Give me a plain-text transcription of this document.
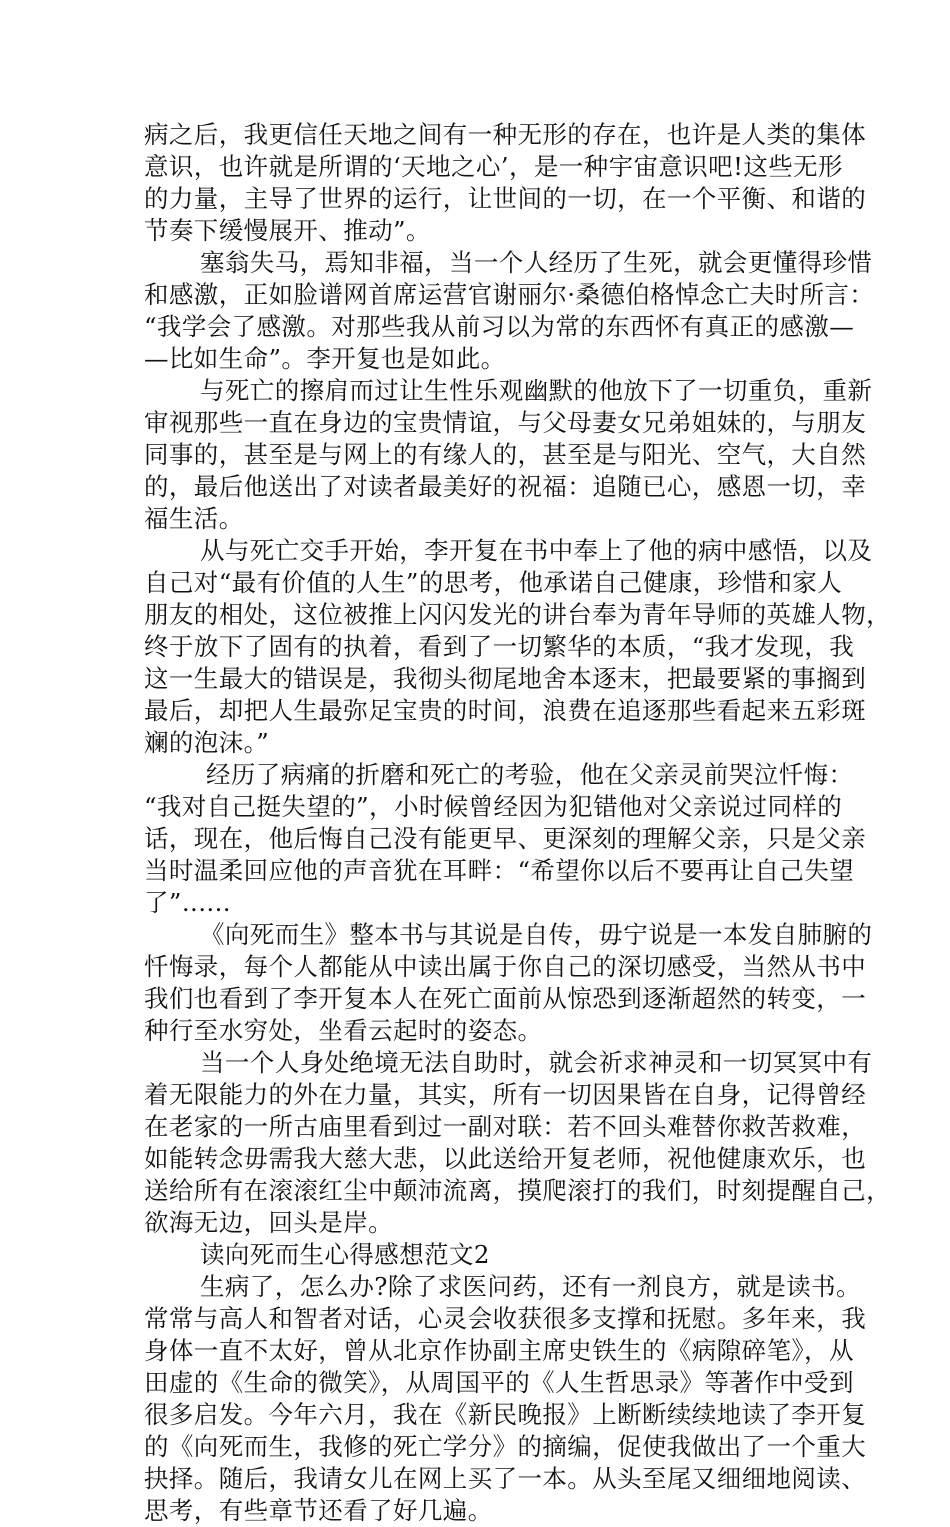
病之后，我更信任天地之间有一种无形的存在，也许是人类的集体
意识，也许就是所谓的‘天地之心’，是一种宇宙意识吧!这些无形
的力量，主导了世界的运行，让世间的一切，在一个平衡、和谐的
节奏下缓慢展开、推动”。
塞翁失马，焉知非福，当一个人经历了生死，就会更懂得珍惜
和感激，正如脸谱网首席运营官谢丽尔·桑德伯格悼念亡夫时所言：
“我学会了感激。对那些我从前习以为常的东西怀有真正的感激—
—比如生命”。李开复也是如此。
与死亡的擦肩而过让生性乐观幽默的他放下了一切重负，重新
审视那些一直在身边的宝贵情谊，与父母妻女兄弟姐妹的，与朋友
同事的，甚至是与网上的有缘人的，甚至是与阳光、空气，大自然
的，最后他送出了对读者最美好的祝福：追随已心，感恩一切，幸
福生活。
从与死亡交手开始，李开复在书中奉上了他的病中感悟，以及
自己对“最有价值的人生”的思考，他承诺自己健康，珍惜和家人
朋友的相处，这位被推上闪闪发光的讲台奉为青年导师的英雄人物，
终于放下了固有的执着，看到了一切繁华的本质，“我才发现，我
这一生最大的错误是，我彻头彻尾地舍本逐末，把最要紧的事搁到
最后，却把人生最弥足宝贵的时间，浪费在追逐那些看起来五彩斑
斓的泡沫。”
经历了病痛的折磨和死亡的考验，他在父亲灵前哭泣忏悔：
“我对自己挺失望的”，小时候曾经因为犯错他对父亲说过同样的
话，现在，他后悔自己没有能更早、更深刻的理解父亲，只是父亲
当时温柔回应他的声音犹在耳畔：“希望你以后不要再让自己失望
了”......
《向死而生》整本书与其说是自传，毋宁说是一本发自肺腑的
忏悔录，每个人都能从中读出属于你自己的深切感受，当然从书中
我们也看到了李开复本人在死亡面前从惊恐到逐渐超然的转变，一
种行至水穷处，坐看云起时的姿态。
当一个人身处绝境无法自助时，就会祈求神灵和一切冥冥中有
着无限能力的外在力量，其实，所有一切因果皆在自身，记得曾经
在老家的一所古庙里看到过一副对联：若不回头难替你救苦救难，
如能转念毋需我大慈大悲，以此送给开复老师，祝他健康欢乐，也
送给所有在滚滚红尘中颠沛流离，摸爬滚打的我们，时刻提醒自己，
欲海无边，回头是岸。
读向死而生心得感想范文2
生病了，怎么办?除了求医问药，还有一剂良方，就是读书。
常常与高人和智者对话，心灵会收获很多支撑和抚慰。多年来，我
身体一直不太好，曾从北京作协副主席史铁生的《病隙碎笔》，从
田虚的《生命的微笑》，从周国平的《人生哲思录》等著作中受到
很多启发。今年六月，我在《新民晚报》上断断续续地读了李开复
的《向死而生，我修的死亡学分》的摘编，促使我做出了一个重大
抉择。随后，我请女儿在网上买了一本。从头至尾又细细地阅读、
思考，有些章节还看了好几遍。
